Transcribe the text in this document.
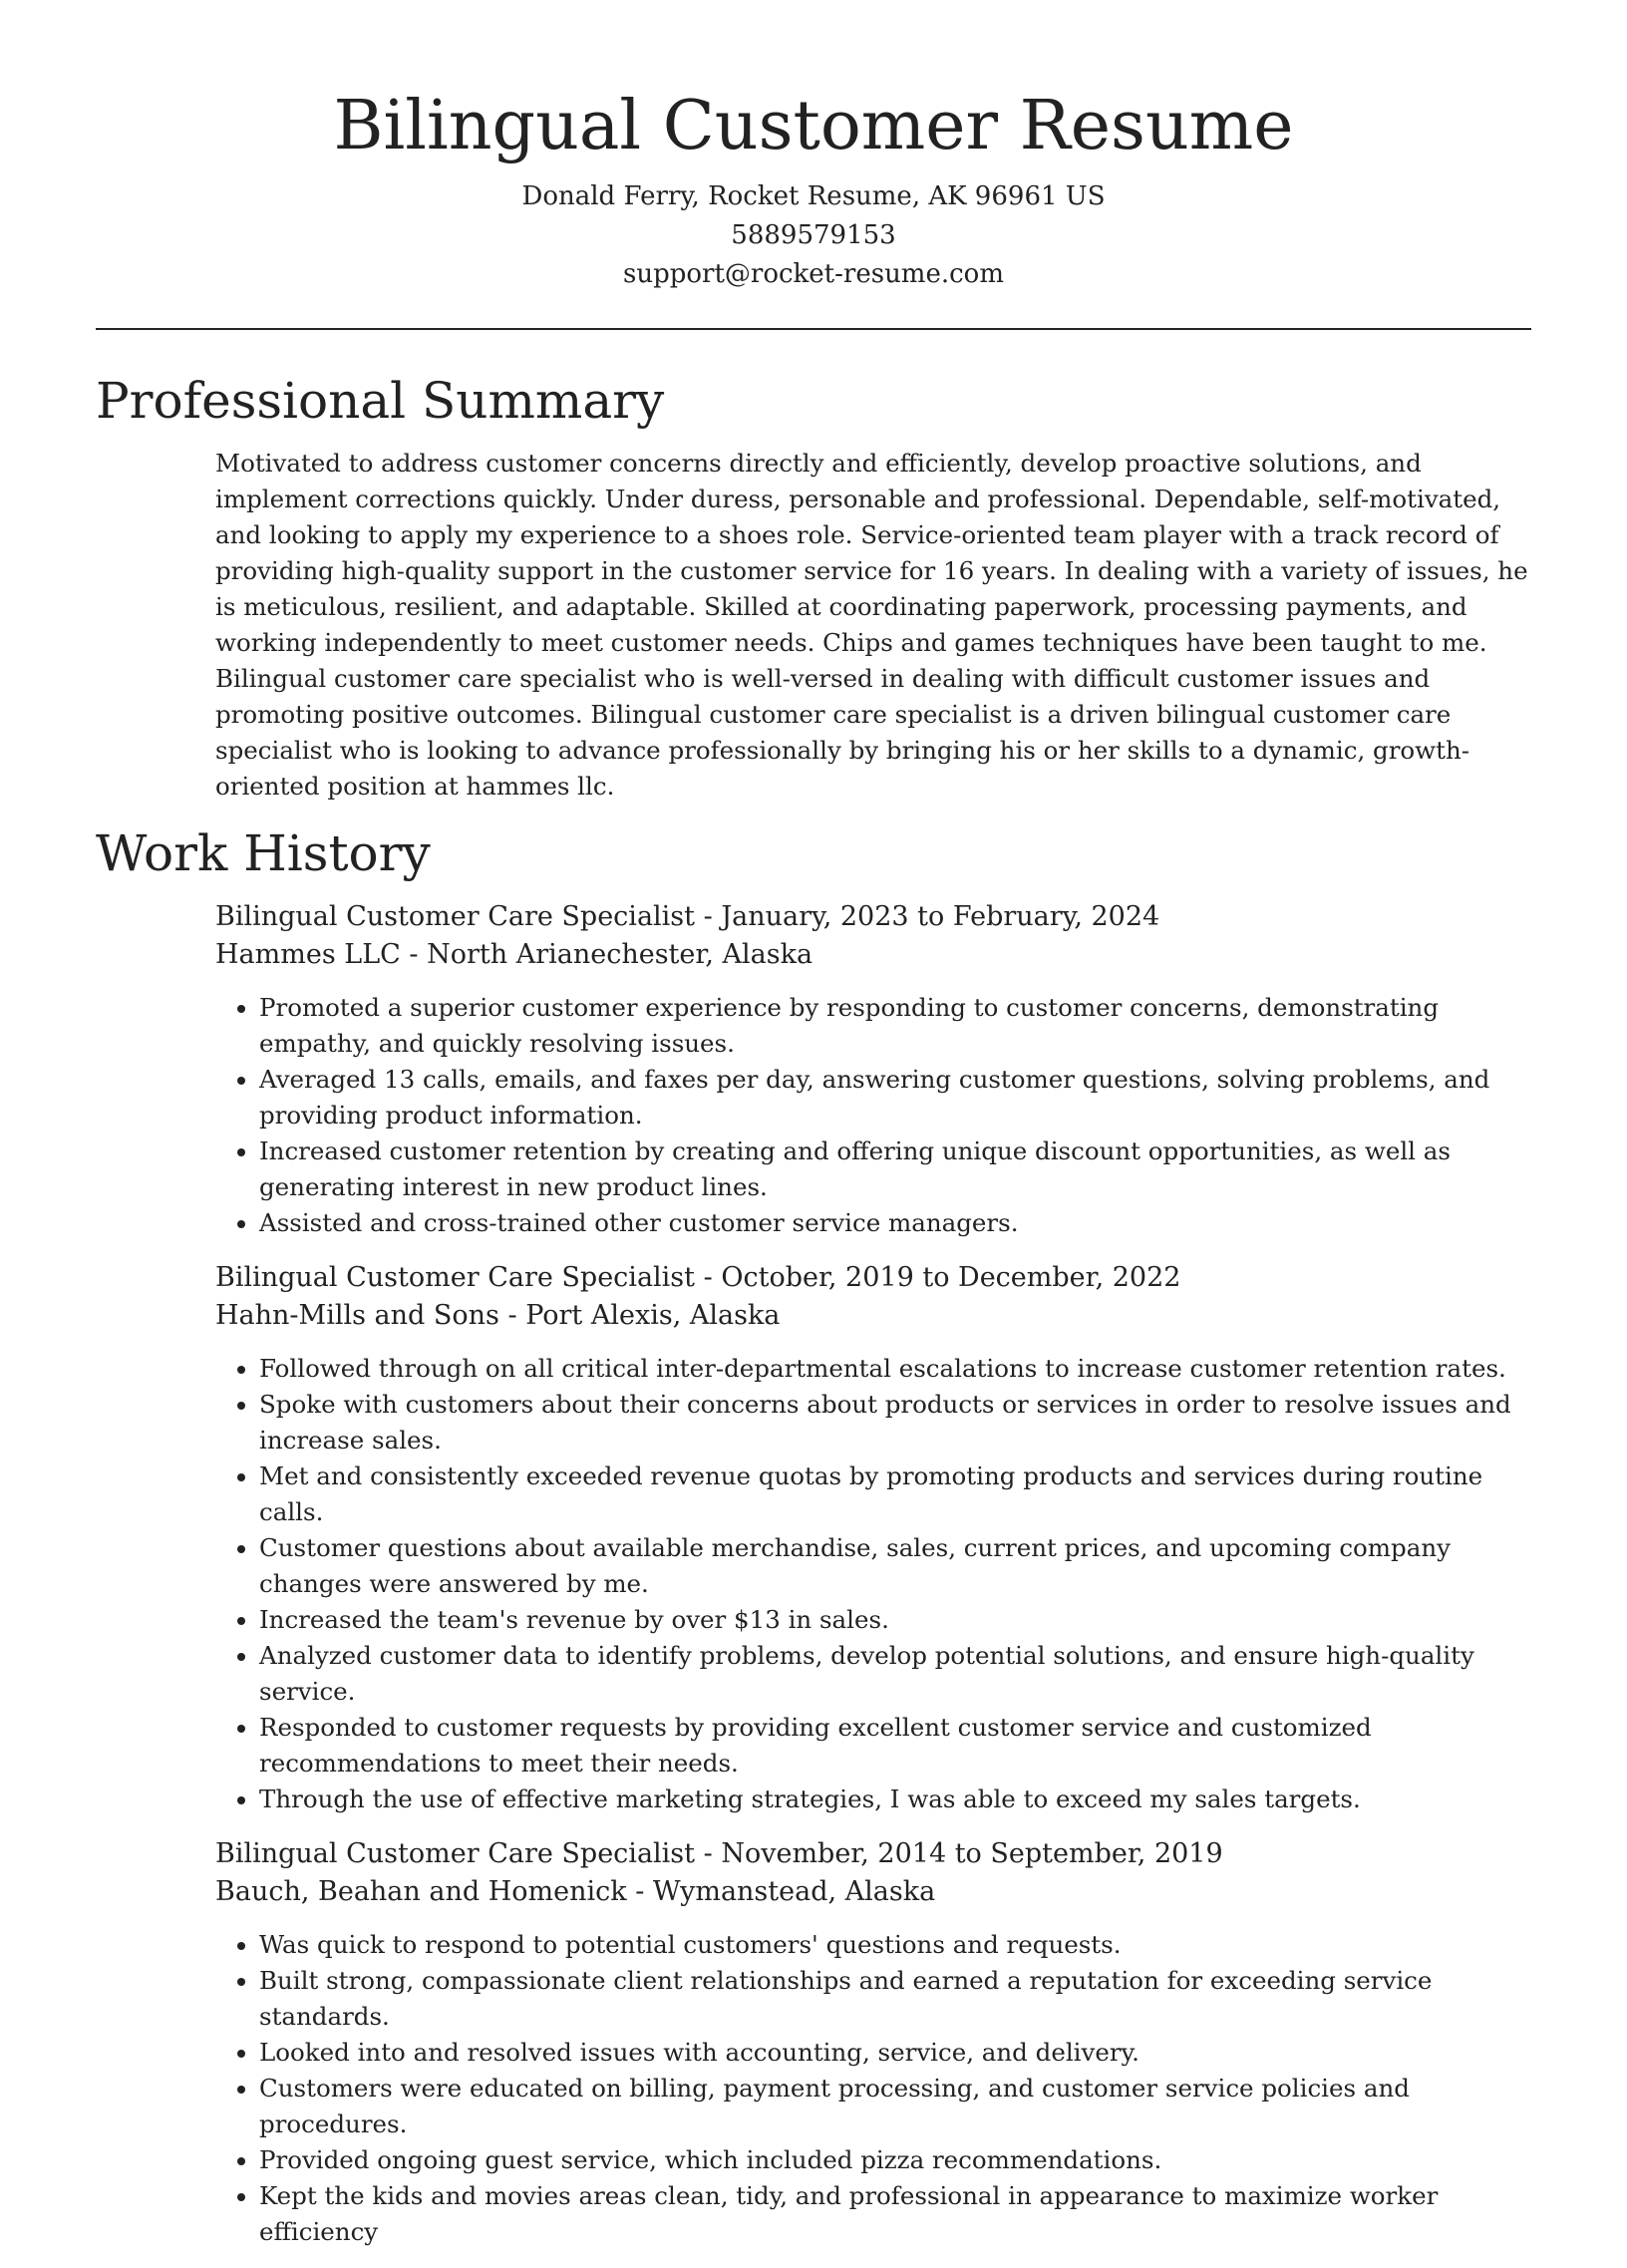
Bilingual Customer Resume
Donald Ferry, Rocket Resume, AK 96961 US
5889579153
support@rocket-resume.com
Professional Summary

Motivated to address customer concerns directly and efficiently, develop proactive solutions, and implement corrections quickly. Under duress, personable and professional. Dependable, self-motivated, and looking to apply my experience to a shoes role. Service-oriented team player with a track record of providing high-quality support in the customer service for 16 years. In dealing with a variety of issues, he is meticulous, resilient, and adaptable. Skilled at coordinating paperwork, processing payments, and working independently to meet customer needs. Chips and games techniques have been taught to me. Bilingual customer care specialist who is well-versed in dealing with difficult customer issues and promoting positive outcomes. Bilingual customer care specialist is a driven bilingual customer care specialist who is looking to advance professionally by bringing his or her skills to a dynamic, growth-oriented position at hammes llc.

Work History
Bilingual Customer Care Specialist - January, 2023 to February, 2024
Hammes LLC - North Arianechester, Alaska
• Promoted a superior customer experience by responding to customer concerns, demonstrating empathy, and quickly resolving issues.
• Averaged 13 calls, emails, and faxes per day, answering customer questions, solving problems, and providing product information.
• Increased customer retention by creating and offering unique discount opportunities, as well as generating interest in new product lines.
• Assisted and cross-trained other customer service managers.
Bilingual Customer Care Specialist - October, 2019 to December, 2022
Hahn-Mills and Sons - Port Alexis, Alaska
• Followed through on all critical inter-departmental escalations to increase customer retention rates.
• Spoke with customers about their concerns about products or services in order to resolve issues and increase sales.
• Met and consistently exceeded revenue quotas by promoting products and services during routine calls.
• Customer questions about available merchandise, sales, current prices, and upcoming company changes were answered by me.
• Increased the team's revenue by over $13 in sales.
• Analyzed customer data to identify problems, develop potential solutions, and ensure high-quality service.
• Responded to customer requests by providing excellent customer service and customized recommendations to meet their needs.
• Through the use of effective marketing strategies, I was able to exceed my sales targets.
Bilingual Customer Care Specialist - November, 2014 to September, 2019
Bauch, Beahan and Homenick - Wymanstead, Alaska
• Was quick to respond to potential customers' questions and requests.
• Built strong, compassionate client relationships and earned a reputation for exceeding service standards.
• Looked into and resolved issues with accounting, service, and delivery.
• Customers were educated on billing, payment processing, and customer service policies and procedures.
• Provided ongoing guest service, which included pizza recommendations.
• Kept the kids and movies areas clean, tidy, and professional in appearance to maximize worker efficiency
